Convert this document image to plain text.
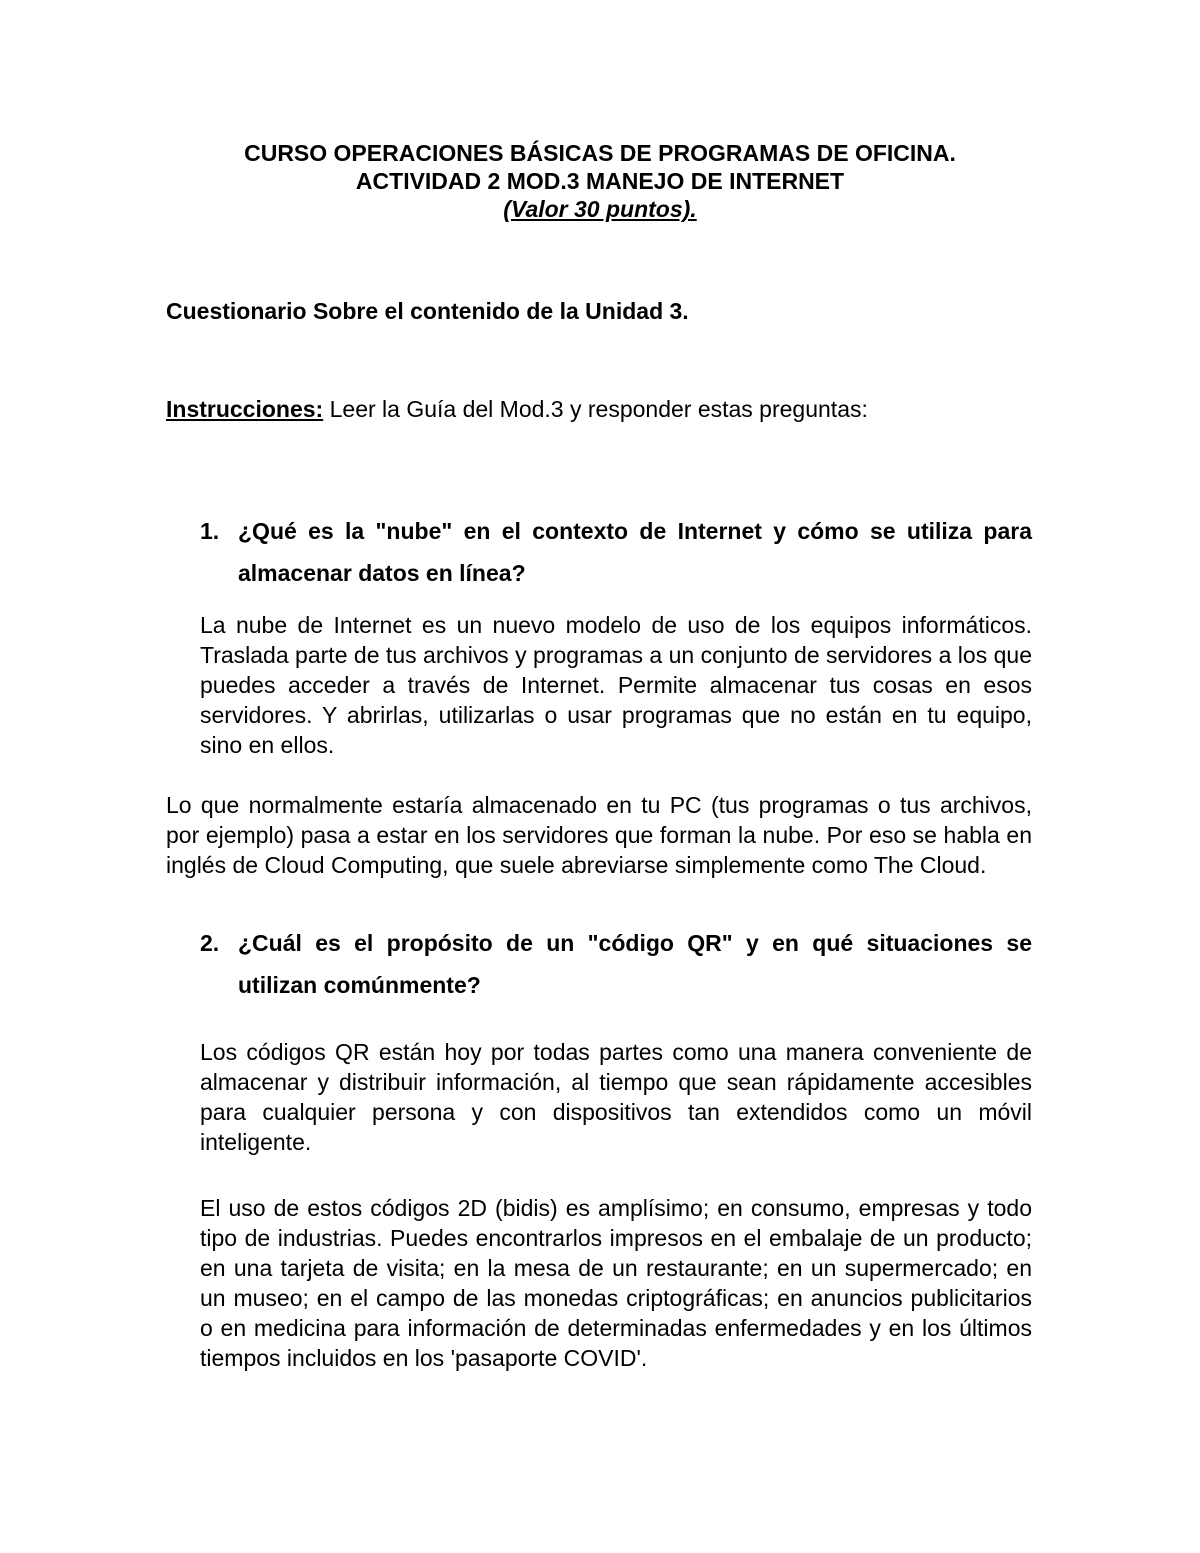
CURSO OPERACIONES BÁSICAS DE PROGRAMAS DE OFICINA.
ACTIVIDAD 2 MOD.3 MANEJO DE INTERNET
(Valor 30 puntos).
Cuestionario Sobre el contenido de la Unidad 3.
Instrucciones: Leer la Guía del Mod.3 y responder estas preguntas:
1. ¿Qué es la "nube" en el contexto de Internet y cómo se utiliza para almacenar datos en línea?

La nube de Internet es un nuevo modelo de uso de los equipos informáticos. Traslada parte de tus archivos y programas a un conjunto de servidores a los que puedes acceder a través de Internet. Permite almacenar tus cosas en esos servidores. Y abrirlas, utilizarlas o usar programas que no están en tu equipo, sino en ellos.

Lo que normalmente estaría almacenado en tu PC (tus programas o tus archivos, por ejemplo) pasa a estar en los servidores que forman la nube. Por eso se habla en inglés de Cloud Computing, que suele abreviarse simplemente como The Cloud.

2. ¿Cuál es el propósito de un "código QR" y en qué situaciones se utilizan comúnmente?

Los códigos QR están hoy por todas partes como una manera conveniente de almacenar y distribuir información, al tiempo que sean rápidamente accesibles para cualquier persona y con dispositivos tan extendidos como un móvil inteligente.

El uso de estos códigos 2D (bidis) es amplísimo; en consumo, empresas y todo tipo de industrias. Puedes encontrarlos impresos en el embalaje de un producto; en una tarjeta de visita; en la mesa de un restaurante; en un supermercado; en un museo; en el campo de las monedas criptográficas; en anuncios publicitarios o en medicina para información de determinadas enfermedades y en los últimos tiempos incluidos en los 'pasaporte COVID'.
